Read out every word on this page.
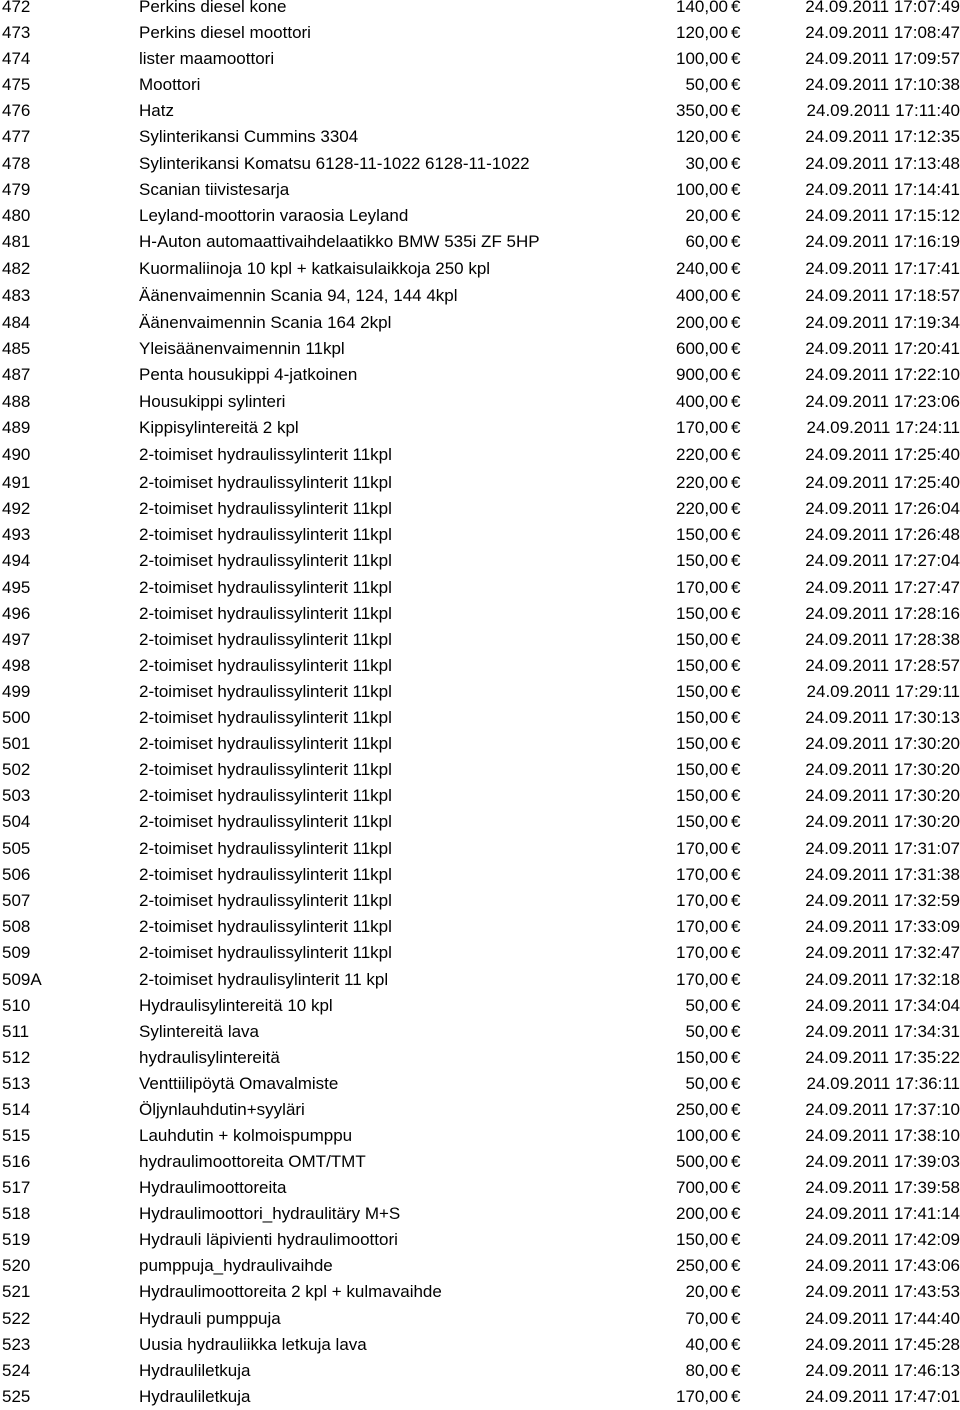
472	Perkins diesel kone	140,00 €	24.09.2011 17:07:49
473	Perkins diesel moottori	120,00 €	24.09.2011 17:08:47
474	lister maamoottori	100,00 €	24.09.2011 17:09:57
475	Moottori	50,00 €	24.09.2011 17:10:38
476	Hatz	350,00 €	24.09.2011 17:11:40
477	Sylinterikansi Cummins 3304	120,00 €	24.09.2011 17:12:35
478	Sylinterikansi Komatsu 6128-11-1022 6128-11-1022	30,00 €	24.09.2011 17:13:48
479	Scanian tiivistesarja	100,00 €	24.09.2011 17:14:41
480	Leyland-moottorin varaosia Leyland	20,00 €	24.09.2011 17:15:12
481	H-Auton automaattivaihdelaatikko BMW 535i ZF 5HP	60,00 €	24.09.2011 17:16:19
482	Kuormaliinoja 10 kpl + katkaisulaikkoja 250 kpl	240,00 €	24.09.2011 17:17:41
483	Äänenvaimennin Scania 94, 124, 144 4kpl	400,00 €	24.09.2011 17:18:57
484	Äänenvaimennin Scania 164 2kpl	200,00 €	24.09.2011 17:19:34
485	Yleisäänenvaimennin 11kpl	600,00 €	24.09.2011 17:20:41
487	Penta housukippi 4-jatkoinen	900,00 €	24.09.2011 17:22:10
488	Housukippi sylinteri	400,00 €	24.09.2011 17:23:06
489	Kippisylintereitä 2 kpl	170,00 €	24.09.2011 17:24:11
490	2-toimiset hydraulissylinterit 11kpl	220,00 €	24.09.2011 17:25:40
491	2-toimiset hydraulissylinterit 11kpl	220,00 €	24.09.2011 17:25:40
492	2-toimiset hydraulissylinterit 11kpl	220,00 €	24.09.2011 17:26:04
493	2-toimiset hydraulissylinterit 11kpl	150,00 €	24.09.2011 17:26:48
494	2-toimiset hydraulissylinterit 11kpl	150,00 €	24.09.2011 17:27:04
495	2-toimiset hydraulissylinterit 11kpl	170,00 €	24.09.2011 17:27:47
496	2-toimiset hydraulissylinterit 11kpl	150,00 €	24.09.2011 17:28:16
497	2-toimiset hydraulissylinterit 11kpl	150,00 €	24.09.2011 17:28:38
498	2-toimiset hydraulissylinterit 11kpl	150,00 €	24.09.2011 17:28:57
499	2-toimiset hydraulissylinterit 11kpl	150,00 €	24.09.2011 17:29:11
500	2-toimiset hydraulissylinterit 11kpl	150,00 €	24.09.2011 17:30:13
501	2-toimiset hydraulissylinterit 11kpl	150,00 €	24.09.2011 17:30:20
502	2-toimiset hydraulissylinterit 11kpl	150,00 €	24.09.2011 17:30:20
503	2-toimiset hydraulissylinterit 11kpl	150,00 €	24.09.2011 17:30:20
504	2-toimiset hydraulissylinterit 11kpl	150,00 €	24.09.2011 17:30:20
505	2-toimiset hydraulissylinterit 11kpl	170,00 €	24.09.2011 17:31:07
506	2-toimiset hydraulissylinterit 11kpl	170,00 €	24.09.2011 17:31:38
507	2-toimiset hydraulissylinterit 11kpl	170,00 €	24.09.2011 17:32:59
508	2-toimiset hydraulissylinterit 11kpl	170,00 €	24.09.2011 17:33:09
509	2-toimiset hydraulissylinterit 11kpl	170,00 €	24.09.2011 17:32:47
509A	2-toimiset hydraulisylinterit 11 kpl	170,00 €	24.09.2011 17:32:18
510	Hydraulisylintereitä 10 kpl	50,00 €	24.09.2011 17:34:04
511	Sylintereitä lava	50,00 €	24.09.2011 17:34:31
512	hydraulisylintereitä	150,00 €	24.09.2011 17:35:22
513	Venttiilipöytä Omavalmiste	50,00 €	24.09.2011 17:36:11
514	Öljynlauhdutin+syyläri	250,00 €	24.09.2011 17:37:10
515	Lauhdutin + kolmoispumppu	100,00 €	24.09.2011 17:38:10
516	hydraulimoottoreita OMT/TMT	500,00 €	24.09.2011 17:39:03
517	Hydraulimoottoreita	700,00 €	24.09.2011 17:39:58
518	Hydraulimoottori_hydraulitäry M+S	200,00 €	24.09.2011 17:41:14
519	Hydrauli läpivienti hydraulimoottori	150,00 €	24.09.2011 17:42:09
520	pumppuja_hydraulivaihde	250,00 €	24.09.2011 17:43:06
521	Hydraulimoottoreita 2 kpl + kulmavaihde	20,00 €	24.09.2011 17:43:53
522	Hydrauli pumppuja	70,00 €	24.09.2011 17:44:40
523	Uusia hydrauliikka letkuja lava	40,00 €	24.09.2011 17:45:28
524	Hydrauliletkuja	80,00 €	24.09.2011 17:46:13
525	Hydrauliletkuja	170,00 €	24.09.2011 17:47:01
